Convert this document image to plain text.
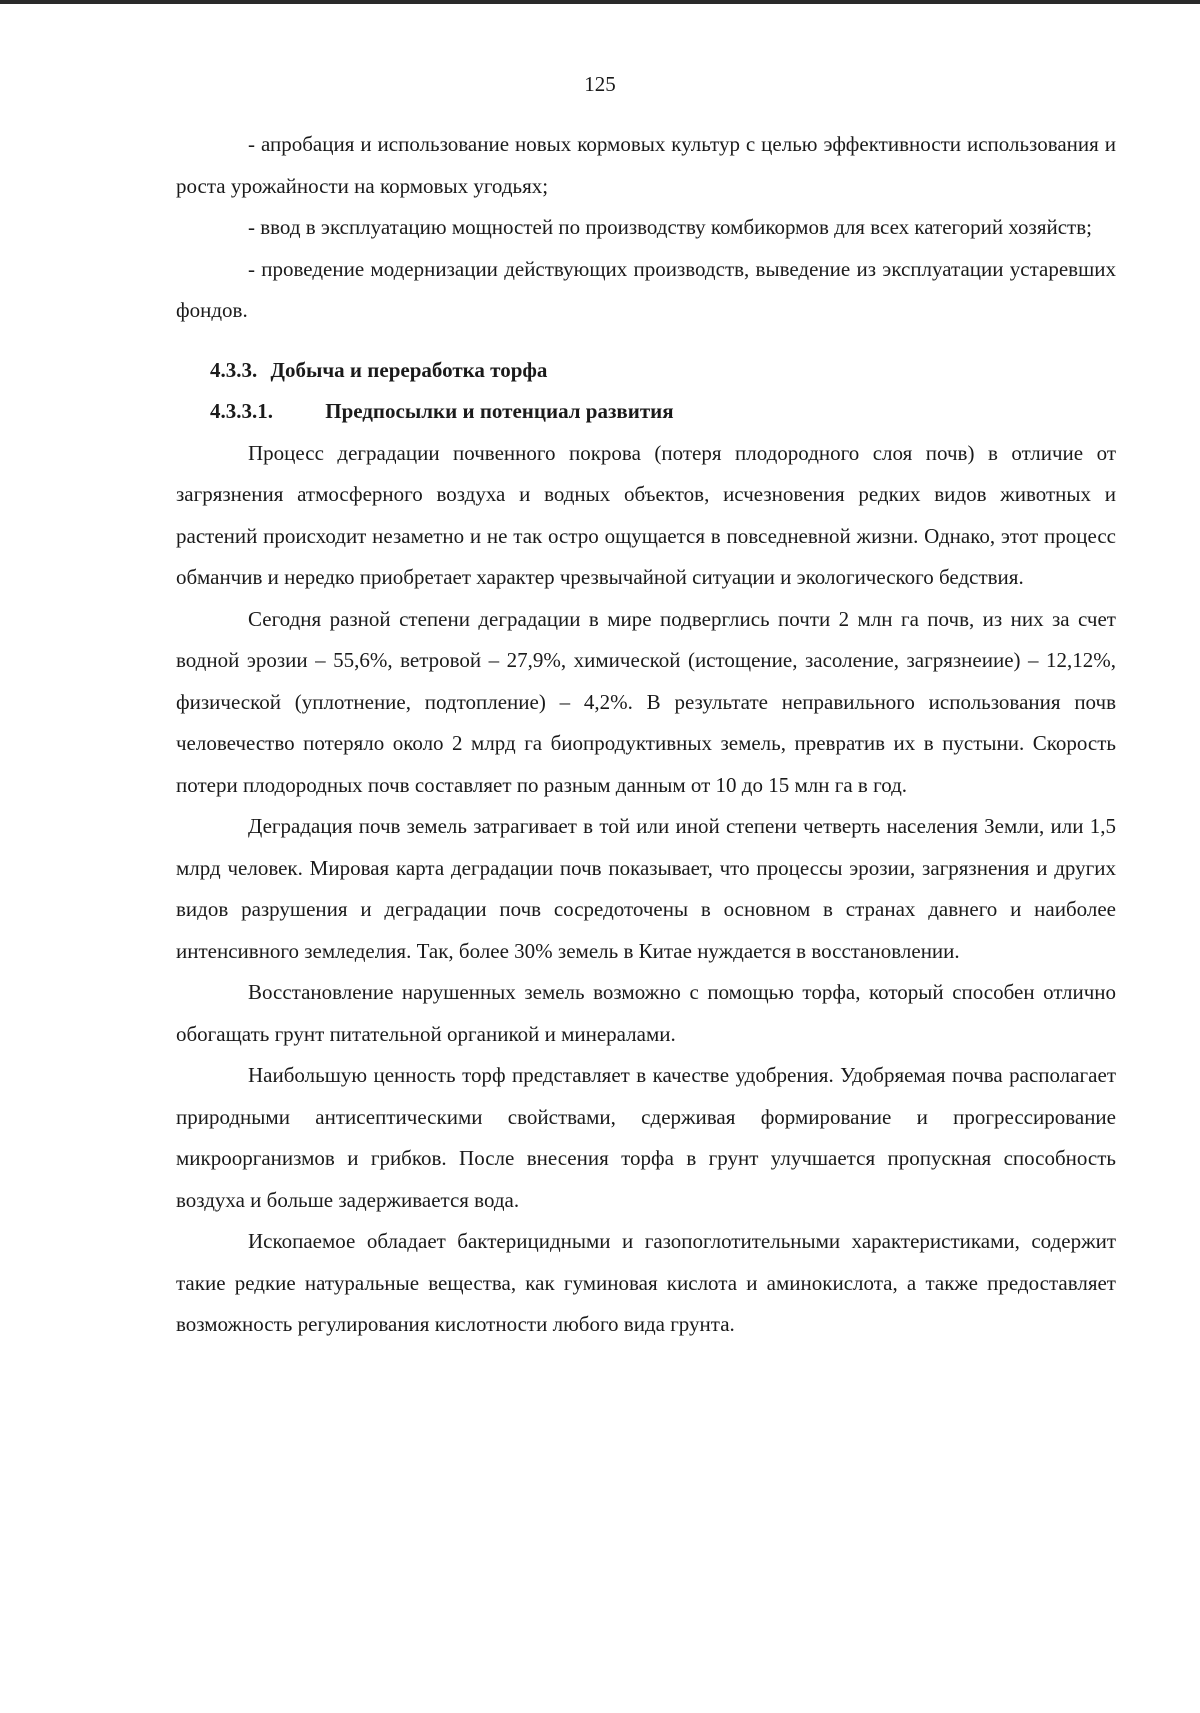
125

- апробация и использование новых кормовых культур с целью эффективности использования и роста урожайности на кормовых угодьях;

- ввод в эксплуатацию мощностей по производству комбикормов для всех категорий хозяйств;

- проведение модернизации действующих производств, выведение из эксплуатации устаревших фондов.

4.3.3. Добыча и переработка торфа

4.3.3.1. Предпосылки и потенциал развития

Процесс деградации почвенного покрова (потеря плодородного слоя почв) в отличие от загрязнения атмосферного воздуха и водных объектов, исчезновения редких видов животных и растений происходит незаметно и не так остро ощущается в повседневной жизни. Однако, этот процесс обманчив и нередко приобретает характер чрезвычайной ситуации и экологического бедствия.

Сегодня разной степени деградации в мире подверглись почти 2 млн га почв, из них за счет водной эрозии – 55,6%, ветровой – 27,9%, химической (истощение, засоление, загрязнеиие) – 12,12%, физической (уплотнение, подтопление) – 4,2%. В результате неправильного использования почв человечество потеряло около 2 млрд га биопродуктивных земель, превратив их в пустыни. Скорость потери плодородных почв составляет по разным данным от 10 до 15 млн га в год.

Деградация почв земель затрагивает в той или иной степени четверть населения Земли, или 1,5 млрд человек. Мировая карта деградации почв показывает, что процессы эрозии, загрязнения и других видов разрушения и деградации почв сосредоточены в основном в странах давнего и наиболее интенсивного земледелия. Так, более 30% земель в Китае нуждается в восстановлении.

Восстановление нарушенных земель возможно с помощью торфа, который способен отлично обогащать грунт питательной органикой и минералами.

Наибольшую ценность торф представляет в качестве удобрения. Удобряемая почва располагает природными антисептическими свойствами, сдерживая формирование и прогрессирование микроорганизмов и грибков. После внесения торфа в грунт улучшается пропускная способность воздуха и больше задерживается вода.

Ископаемое обладает бактерицидными и газопоглотительными характеристиками, содержит такие редкие натуральные вещества, как гуминовая кислота и аминокислота, а также предоставляет возможность регулирования кислотности любого вида грунта.
